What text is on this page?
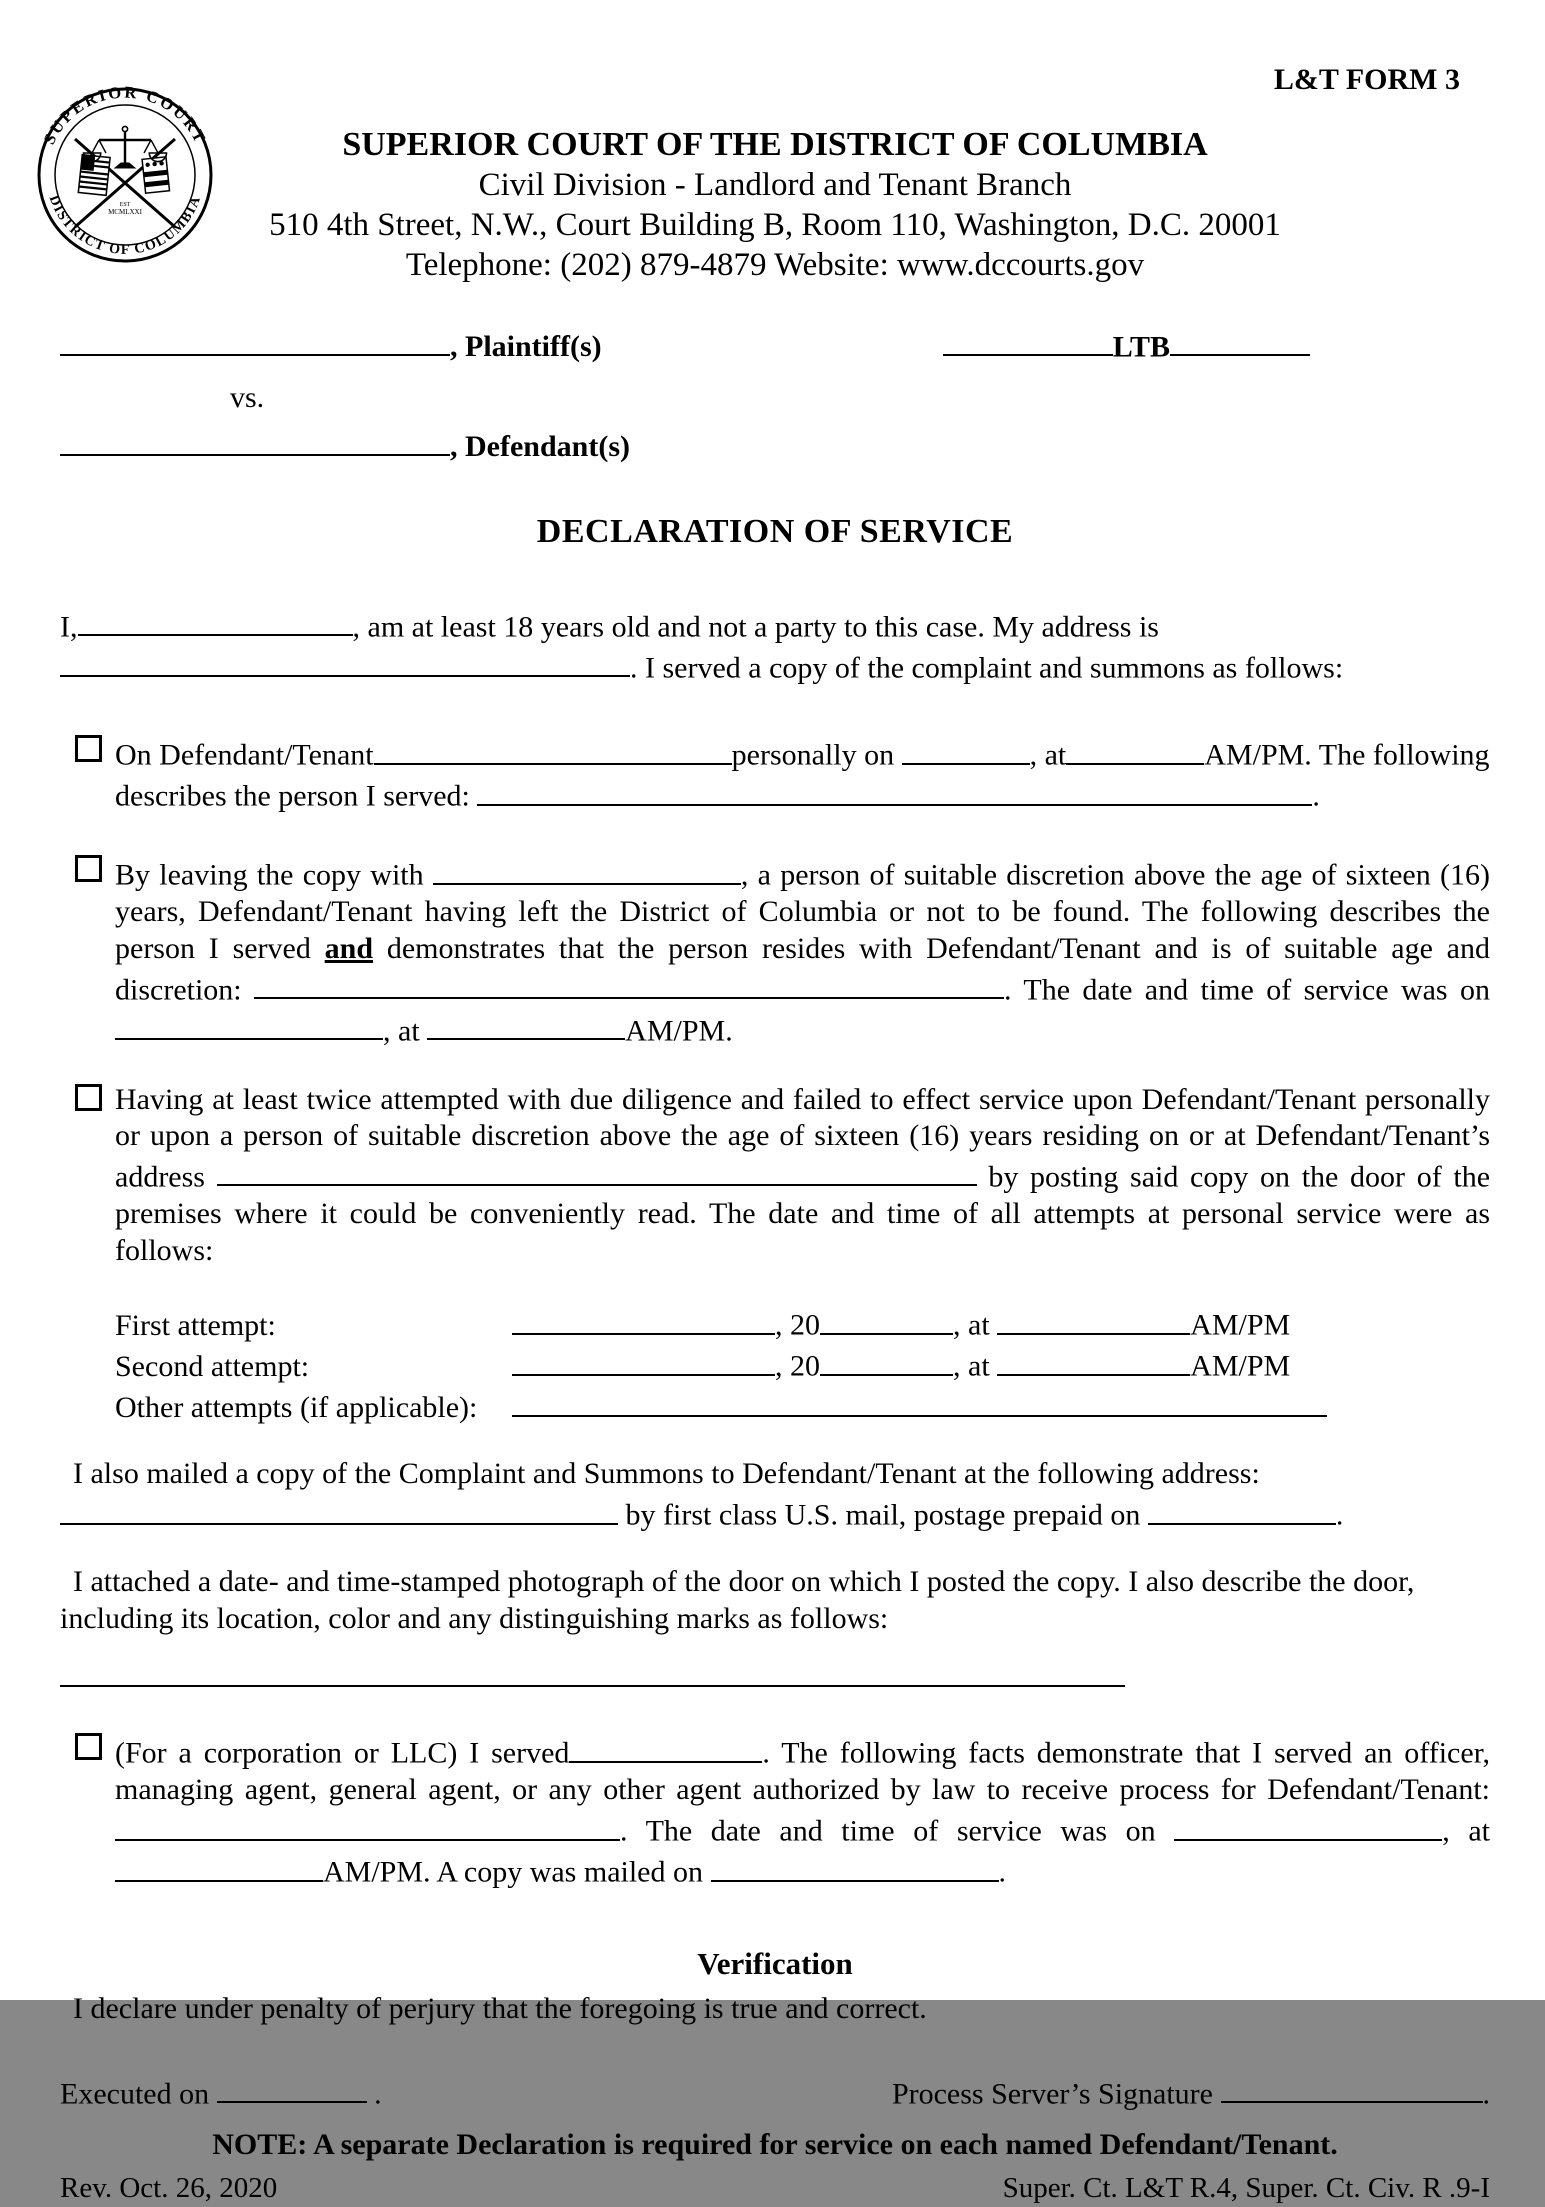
L&T FORM 3
SUPERIOR COURT
DISTRICT OF COLUMBIA
EST
MCMLXXI
SUPERIOR COURT OF THE DISTRICT OF COLUMBIA
Civil Division - Landlord and Tenant Branch
510 4th Street, N.W., Court Building B, Room 110, Washington, D.C. 20001
Telephone: (202) 879-4879 Website: www.dccourts.gov
, Plaintiff(s)	LTB
vs.
, Defendant(s)
DECLARATION OF SERVICE

I,	, am at least 18 years old and not a party to this case. My address is . I served a copy of the complaint and summons as follows:

On Defendant/Tenant	personally on	, at	AM/PM. The following describes the person I served:	.
By leaving the copy with	, a person of suitable discretion above the age of sixteen (16) years, Defendant/Tenant having left the District of Columbia or not to be found. The following describes the person I served and demonstrates that the person resides with Defendant/Tenant and is of suitable age and discretion:	. The date and time of service was on , at	AM/PM.
Having at least twice attempted with due diligence and failed to effect service upon Defendant/Tenant personally or upon a person of suitable discretion above the age of sixteen (16) years residing on or at Defendant/Tenant’s address	by posting said copy on the door of the premises where it could be conveniently read. The date and time of all attempts at personal service were as follows:
First attempt:	, 20	, at	AM/PM
Second attempt:	, 20	, at	AM/PM
Other attempts (if applicable):

I also mailed a copy of the Complaint and Summons to Defendant/Tenant at the following address:  by first class U.S. mail, postage prepaid on	.

I attached a date- and time-stamped photograph of the door on which I posted the copy. I also describe the door, including its location, color and any distinguishing marks as follows:

(For a corporation or LLC) I served	. The following facts demonstrate that I served an officer, managing agent, general agent, or any other agent authorized by law to receive process for Defendant/Tenant: . The date and time of service was on	, at AM/PM. A copy was mailed on	.
Verification
I declare under penalty of perjury that the foregoing is true and correct.
Executed on	.	Process Server’s Signature	.
NOTE: A separate Declaration is required for service on each named Defendant/Tenant.
Rev. Oct. 26, 2020	Super. Ct. L&T R.4, Super. Ct. Civ. R .9-I
